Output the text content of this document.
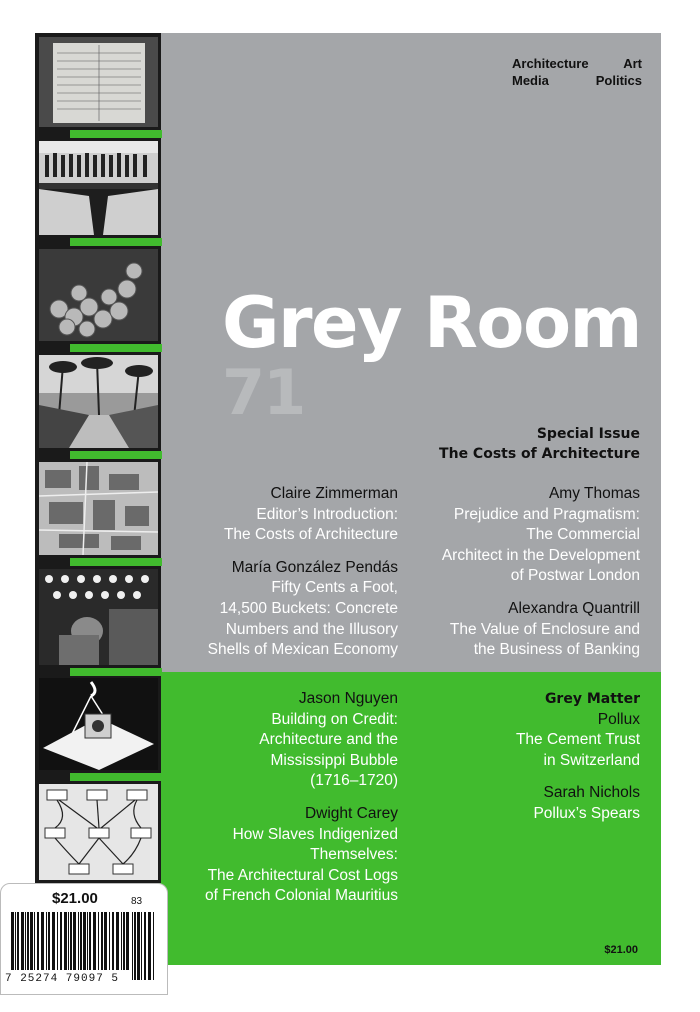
Architecture	Art
Media	Politics
Grey Room
71
Special Issue
The Costs of Architecture
Claire Zimmerman
Editor’s Introduction:
The Costs of Architecture
María González Pendás
Fifty Cents a Foot,
14,500 Buckets: Concrete
Numbers and the Illusory
Shells of Mexican Economy
Amy Thomas
Prejudice and Pragmatism:
The Commercial
Architect in the Development
of Postwar London
Alexandra Quantrill
The Value of Enclosure and
the Business of Banking
Jason Nguyen
Building on Credit:
Architecture and the
Mississippi Bubble
(1716–1720)
Dwight Carey
How Slaves Indigenized
Themselves:
The Architectural Cost Logs
of French Colonial Mauritius
Grey Matter
Pollux
The Cement Trust
in Switzerland
Sarah Nichols
Pollux’s Spears
$21.00
$21.00
7 25274 79097 5
83
